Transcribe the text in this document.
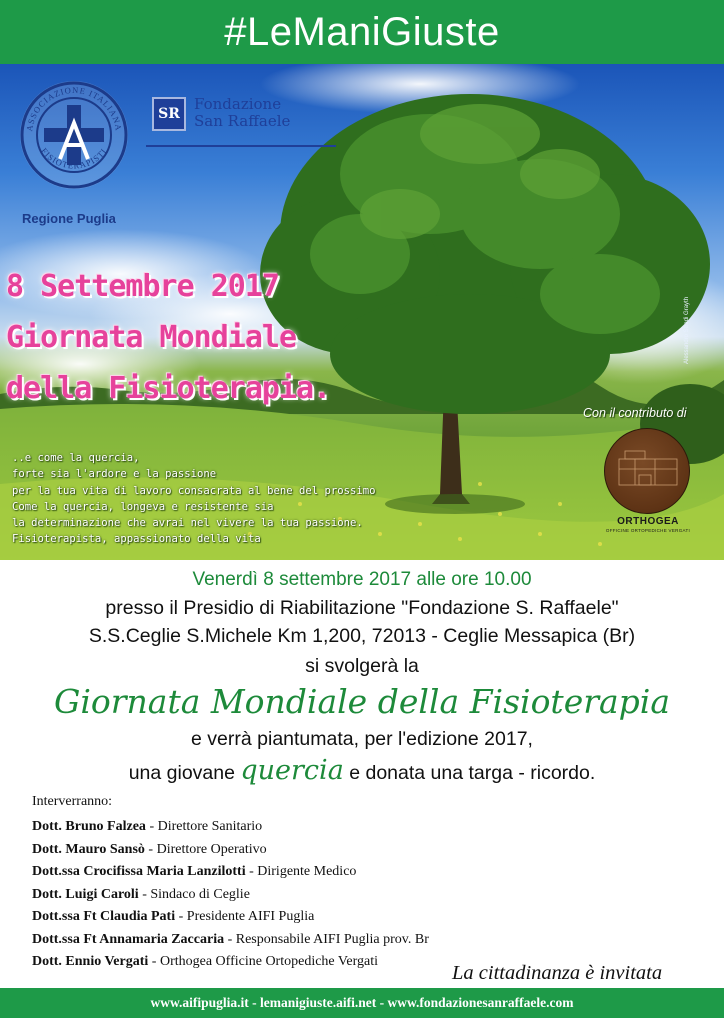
#LeManiGiuste
ASSOCIAZIONE ITALIANA
FISIOTERAPISTI
Regione Puglia
SR
Fondazione
San Raffaele
8 Settembre 2017
Giornata Mondiale
della Fisioterapia.
..e come la quercia,
forte sia l'ardore e la passione
per la tua vita di lavoro consacrata al bene del prossimo
Come la quercia, longeva e resistente sia
la determinazione che avrai nel vivere la tua passione.
Fisioterapista, appassionato della vita
Alessandro Stradi Grayth
Con il contributo di
ORTHOGEA
OFFICINE ORTOPEDICHE VERGATI
Venerdì 8 settembre 2017 alle ore 10.00
presso il Presidio di Riabilitazione "Fondazione S. Raffaele"
S.S.Ceglie S.Michele Km 1,200, 72013 - Ceglie Messapica (Br)
si svolgerà la
Giornata Mondiale della Fisioterapia
e verrà piantumata, per l'edizione 2017,
una giovane quercia e donata una targa - ricordo.
Interverranno:
Dott. Bruno Falzea - Direttore Sanitario
Dott. Mauro Sansò - Direttore Operativo
Dott.ssa Crocifissa Maria Lanzilotti - Dirigente Medico
Dott. Luigi Caroli - Sindaco di Ceglie
Dott.ssa Ft Claudia Pati - Presidente AIFI Puglia
Dott.ssa Ft Annamaria Zaccaria - Responsabile AIFI Puglia prov. Br
Dott. Ennio Vergati - Orthogea Officine Ortopediche Vergati
La cittadinanza è invitata
www.aifipuglia.it - lemanigiuste.aifi.net - www.fondazionesanraffaele.com
